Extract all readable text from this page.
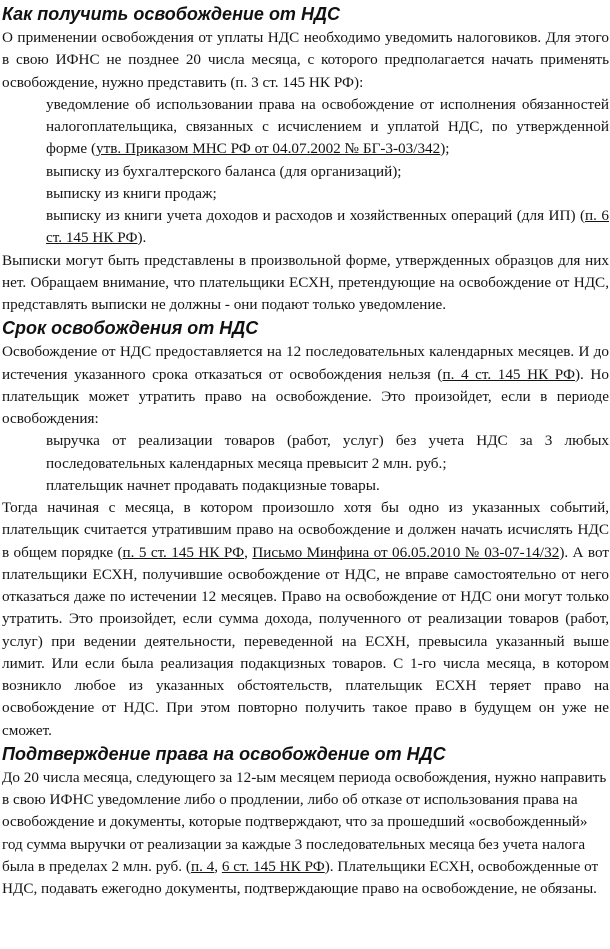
Как получить освобождение от НДС

О применении освобождения от уплаты НДС необходимо уведомить налоговиков. Для этого в свою ИФНС не позднее 20 числа месяца, с которого предполагается начать применять освобождение, нужно представить (п. 3 ст. 145 НК РФ):

уведомление об использовании права на освобождение от исполнения обязанностей налогоплательщика, связанных с исчислением и уплатой НДС, по утвержденной форме (утв. Приказом МНС РФ от 04.07.2002 № БГ-3-03/342);

выписку из бухгалтерского баланса (для организаций);

выписку из книги продаж;

выписку из книги учета доходов и расходов и хозяйственных операций (для ИП) (п. 6 ст. 145 НК РФ).

Выписки могут быть представлены в произвольной форме, утвержденных образцов для них нет. Обращаем внимание, что плательщики ЕСХН, претендующие на освобождение от НДС, представлять выписки не должны - они подают только уведомление.

Срок освобождения от НДС

Освобождение от НДС предоставляется на 12 последовательных календарных месяцев. И до истечения указанного срока отказаться от освобождения нельзя (п. 4 ст. 145 НК РФ). Но плательщик может утратить право на освобождение. Это произойдет, если в периоде освобождения:

выручка от реализации товаров (работ, услуг) без учета НДС за 3 любых последовательных календарных месяца превысит 2 млн. руб.;

плательщик начнет продавать подакцизные товары.

Тогда начиная с месяца, в котором произошло хотя бы одно из указанных событий, плательщик считается утратившим право на освобождение и должен начать исчислять НДС в общем порядке (п. 5 ст. 145 НК РФ, Письмо Минфина от 06.05.2010 № 03-07-14/32). А вот плательщики ЕСХН, получившие освобождение от НДС, не вправе самостоятельно от него отказаться даже по истечении 12 месяцев. Право на освобождение от НДС они могут только утратить. Это произойдет, если сумма дохода, полученного от реализации товаров (работ, услуг) при ведении деятельности, переведенной на ЕСХН, превысила указанный выше лимит. Или если была реализация подакцизных товаров. С 1-го числа месяца, в котором возникло любое из указанных обстоятельств, плательщик ЕСХН теряет право на освобождение от НДС. При этом повторно получить такое право в будущем он уже не сможет.

Подтверждение права на освобождение от НДС

До 20 числа месяца, следующего за 12-ым месяцем периода освобождения, нужно направить в свою ИФНС уведомление либо о продлении, либо об отказе от использования права на освобождение и документы, которые подтверждают, что за прошедший «освобожденный» год сумма выручки от реализации за каждые 3 последовательных месяца без учета налога была в пределах 2 млн. руб. (п. 4, 6 ст. 145 НК РФ). Плательщики ЕСХН, освобожденные от НДС, подавать ежегодно документы, подтверждающие право на освобождение, не обязаны.
